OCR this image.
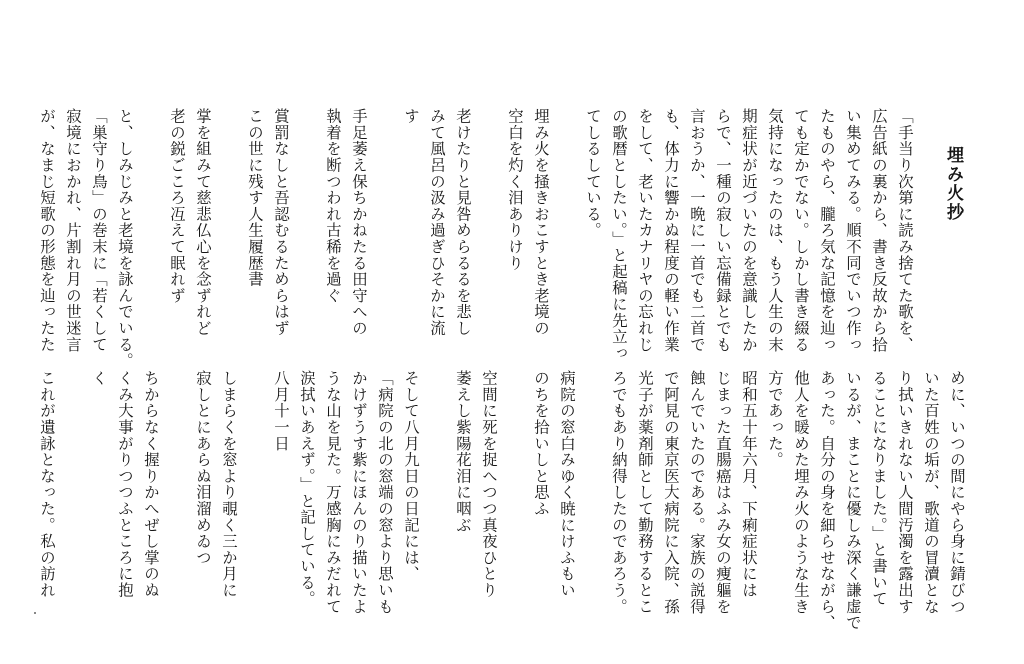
埋み火抄
「手当り次第に読み捨てた歌を、
広告紙の裏から、書き反故から拾
い集めてみる。順不同でいつ作っ
たものやら、朧ろ気な記憶を辿っ
ても定かでない。しかし書き綴る
気持になったのは、もう人生の末
期症状が近づいたのを意識したか
らで、一種の寂しい忘備録とでも
言おうか、一晩に一首でも二首で
も、体力に響かぬ程度の軽い作業
をして、老いたカナリヤの忘れじ
の歌暦としたい。」と起稿に先立っ
てしるしている。
埋み火を掻きおこすとき老境の
空白を灼く泪ありけり
老けたりと見咎めらるるを悲し
みて風呂の汲み過ぎひそかに流
す
手足萎え保ちかねたる田守への
執着を断つわれ古稀を過ぐ
賞罰なしと吾認むるためらはず
この世に残す人生履歴書
掌を組みて慈悲仏心を念ずれど
老の鋭ごころ冱えて眠れず
と、しみじみと老境を詠んでいる。
「巣守り鳥」の巻末に「若くして
寂境におかれ、片割れ月の世迷言
が、なまじ短歌の形態を辿ったた
めに、いつの間にやら身に錆びつ
いた百姓の垢が、歌道の冒瀆とな
り拭いきれない人間汚濁を露出す
ることになりました。」と書いて
いるが、まことに優しみ深く謙虚で
あった。自分の身を細らせながら、
他人を暖めた埋み火のような生き
方であった。
昭和五十年六月、下痢症状には
じまった直腸癌はふみ女の痩軀を
蝕んでいたのである。家族の説得
で阿見の東京医大病院に入院、孫
光子が薬剤師として勤務するとこ
ろでもあり納得したのであろう。
病院の窓白みゆく暁にけふもい
のちを拾いしと思ふ
空間に死を捉へつつ真夜ひとり
萎えし紫陽花泪に咽ぶ
そして八月九日の日記には、
「病院の北の窓端の窓より思いも
かけずうす紫にほんのり描いたよ
うな山を見た。万感胸にみだれて
涙拭いあえず。」と記している。
八月十一日
しまらくを窓より覗く三か月に
寂しとにあらぬ泪溜めゐつ
ちからなく握りかへぜし掌のぬ
くみ大事がりつつふところに抱
く
これが遺詠となった。私の訪れ
